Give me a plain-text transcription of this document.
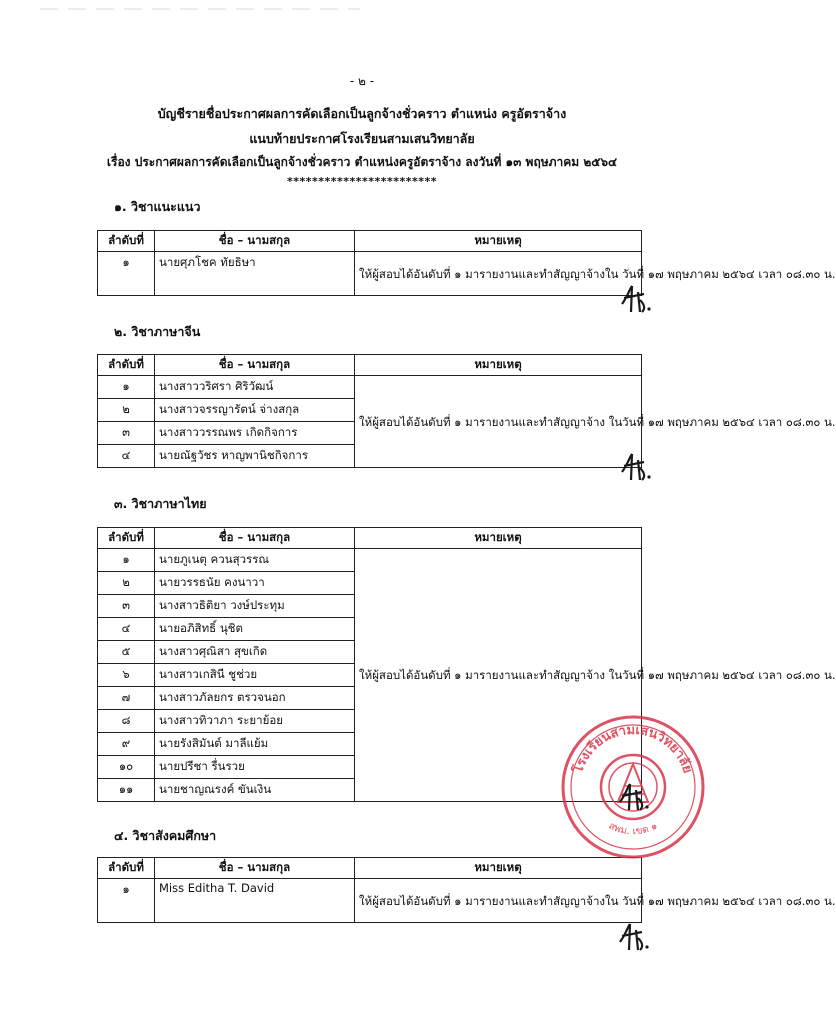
- ๒ -
บัญชีรายชื่อประกาศผลการคัดเลือกเป็นลูกจ้างชั่วคราว ตำแหน่ง ครูอัตราจ้าง
แนบท้ายประกาศโรงเรียนสามเสนวิทยาลัย
เรื่อง ประกาศผลการคัดเลือกเป็นลูกจ้างชั่วคราว ตำแหน่งครูอัตราจ้าง ลงวันที่ ๑๓ พฤษภาคม ๒๕๖๔
************************
๑. วิชาแนะแนว
ลำดับที่	ชื่อ – นามสกุล	หมายเหตุ
๑	นายศุภโชค ทัยธิษา	ให้ผู้สอบได้อันดับที่ ๑ มารายงานและทำสัญญาจ้างใน วันที่ ๑๗ พฤษภาคม ๒๕๖๔ เวลา ๐๘.๓๐ น.
๒. วิชาภาษาจีน
ลำดับที่	ชื่อ – นามสกุล	หมายเหตุ
๑	นางสาววริศรา ศิริวัฒน์	ให้ผู้สอบได้อันดับที่ ๑ มารายงานและทำสัญญาจ้าง ในวันที่ ๑๗ พฤษภาคม ๒๕๖๔ เวลา ๐๘.๓๐ น.
๒	นางสาวจรรญารัตน์ จ่างสกุล	
๓	นางสาววรรณพร เกิดกิจการ	
๔	นายณัฐวัชร หาญพานิชกิจการ	
๓. วิชาภาษาไทย
ลำดับที่	ชื่อ – นามสกุล	หมายเหตุ
๑	นายภูเนตุ ควนสุวรรณ	ให้ผู้สอบได้อันดับที่ ๑ มารายงานและทำสัญญาจ้าง ในวันที่ ๑๗ พฤษภาคม ๒๕๖๔ เวลา ๐๘.๓๐ น.
๒	นายวรรธนัย คงนาวา	
๓	นางสาวธิติยา วงษ์ประทุม	
๔	นายอภิสิทธิ์ นุชิต	
๕	นางสาวศุณิสา สุขเกิด	
๖	นางสาวเกสินี ชูช่วย	
๗	นางสาวภัลยกร ตรวจนอก	
๘	นางสาวทิวาภา ระยาย้อย	
๙	นายรังสิมันต์ มาลีแย้ม	
๑๐	นายปรีชา รื่นรวย	
๑๑	นายชาญณรงค์ ขันเงิน	
๔. วิชาสังคมศึกษา
ลำดับที่	ชื่อ – นามสกุล	หมายเหตุ
๑	Miss Editha T. David	ให้ผู้สอบได้อันดับที่ ๑ มารายงานและทำสัญญาจ้างใน วันที่ ๑๗ พฤษภาคม ๒๕๖๔ เวลา ๐๘.๓๐ น.
โรงเรียนสามเสนวิทยาลัย
สพม. เขต ๑
